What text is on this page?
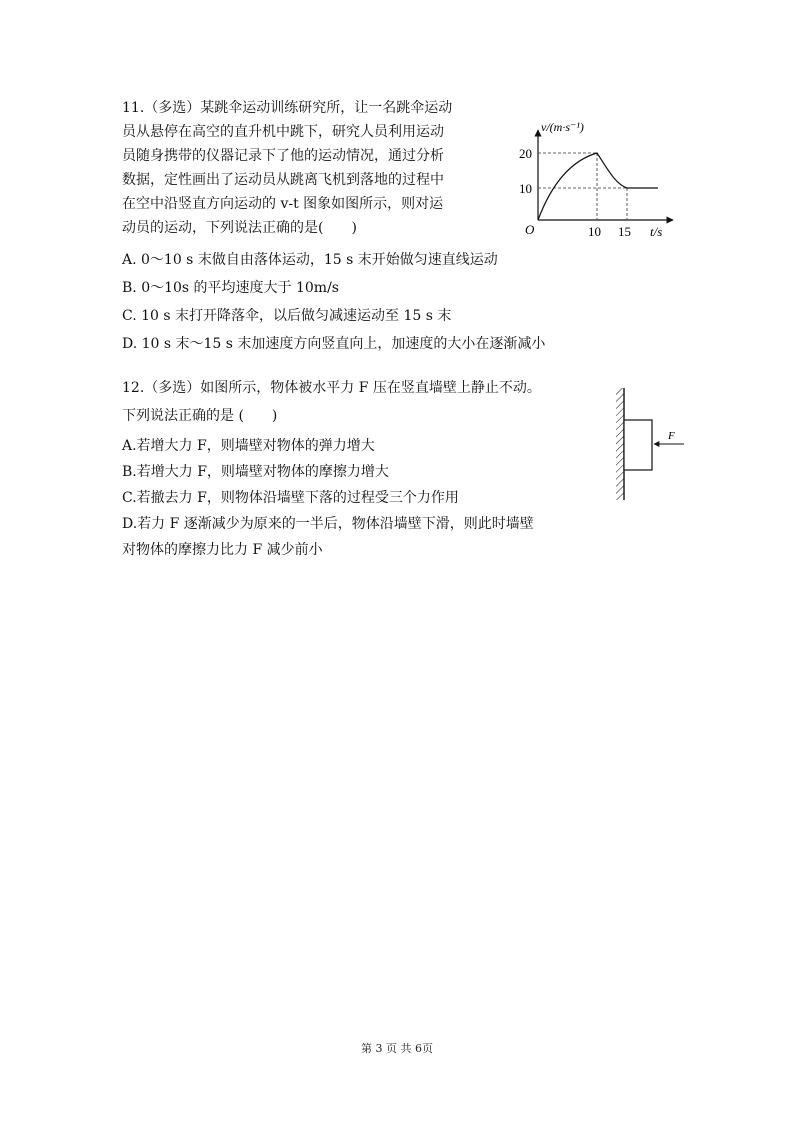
11.（多选）某跳伞运动训练研究所，让一名跳伞运动
员从悬停在高空的直升机中跳下，研究人员利用运动
员随身携带的仪器记录下了他的运动情况，通过分析
数据，定性画出了运动员从跳离飞机到落地的过程中
在空中沿竖直方向运动的 v-t 图象如图所示，则对运
动员的运动，下列说法正确的是(　　)
A. 0～10 s 末做自由落体运动，15 s 末开始做匀速直线运动
B. 0～10s 的平均速度大于 10m/s
C. 10 s 末打开降落伞，以后做匀减速运动至 15 s 末
D. 10 s 末～15 s 末加速度方向竖直向上，加速度的大小在逐渐减小
v/(m·s⁻¹)
20
10
O	10 15 t/s
12.（多选）如图所示，物体被水平力 F 压在竖直墙壁上静止不动。
下列说法正确的是 (　　)
A.若增大力 F，则墙壁对物体的弹力增大
B.若增大力 F，则墙壁对物体的摩擦力增大
C.若撤去力 F，则物体沿墙壁下落的过程受三个力作用
D.若力 F 逐渐减少为原来的一半后，物体沿墙壁下滑，则此时墙壁
对物体的摩擦力比力 F 减少前小
F
第 3 页 共 6页
